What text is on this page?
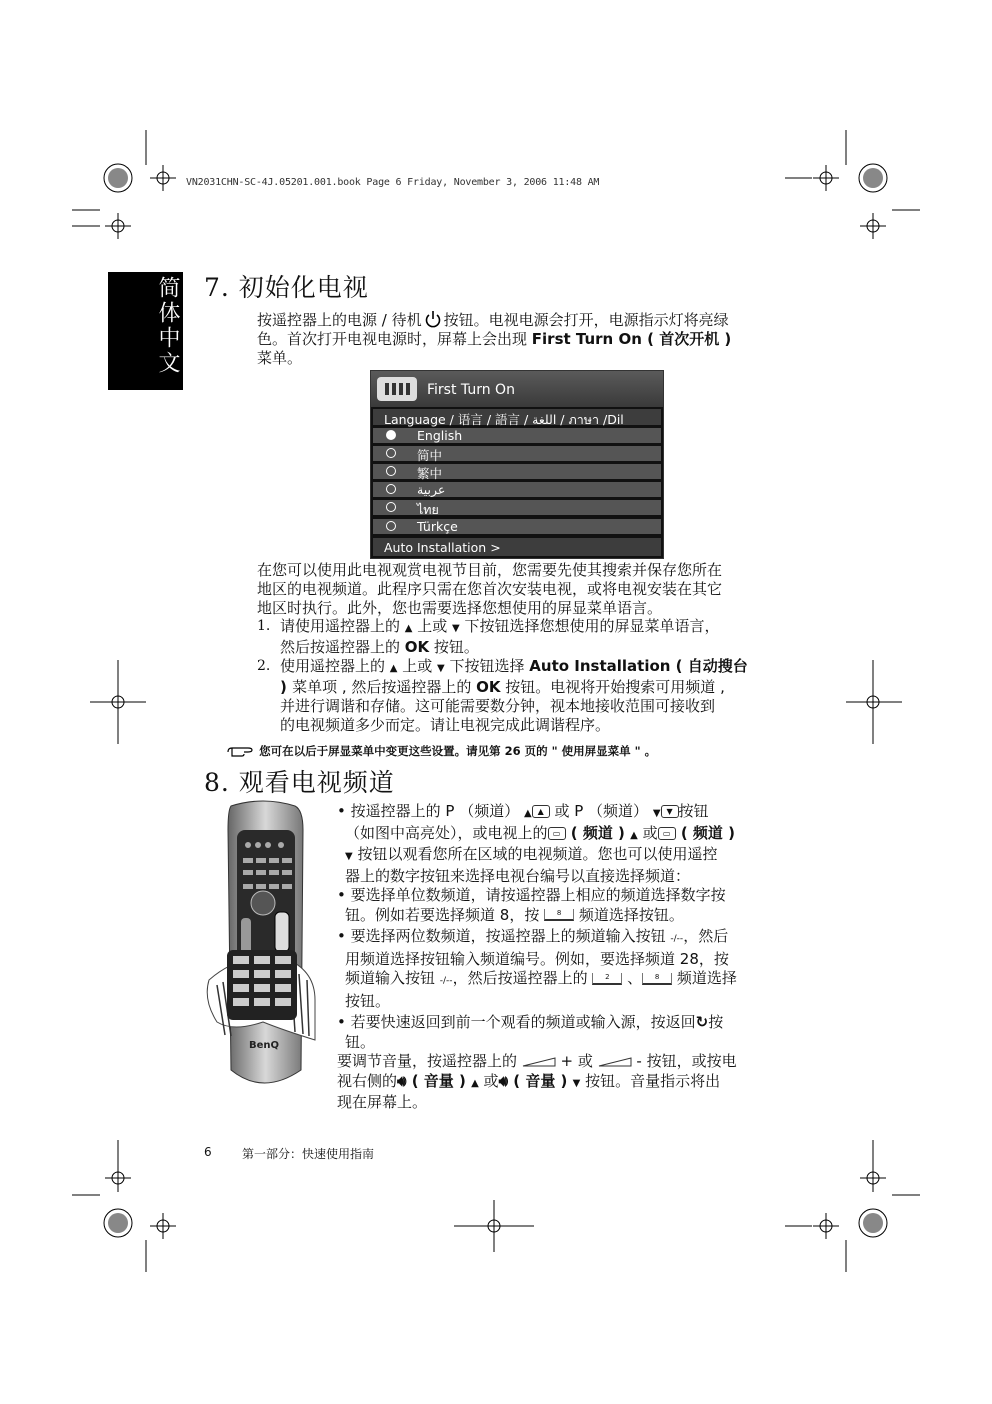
VN2031CHN-SC-4J.05201.001.book Page 6 Friday, November 3, 2006 11:48 AM
简体中文 7. 初始化电视
按遥控器上的电源 / 待机 按钮。电视电源会打开，电源指示灯将亮绿
色。首次打开电视电源时，屏幕上会出现 First Turn On ( 首次开机 )
菜单。
First Turn On
Language / 语言 / 語言 / اللغة / ภาษา /Dil
English
简中
繁中
عربية
ไทย
Türkçe
Auto Installation >
在您可以使用此电视观赏电视节目前，您需要先使其搜索并保存您所在
地区的电视频道。此程序只需在您首次安装电视，或将电视安装在其它
地区时执行。此外，您也需要选择您想使用的屏显菜单语言。
1. 请使用遥控器上的 ▲ 上或 ▼ 下按钮选择您想使用的屏显菜单语言，
然后按遥控器上的 OK 按钮。
2. 使用遥控器上的 ▲ 上或 ▼ 下按钮选择 Auto Installation ( 自动搜台
) 菜单项 , 然后按遥控器上的 OK 按钮。电视将开始搜索可用频道 ,
并进行调谐和存储。这可能需要数分钟，视本地接收范围可接收到
的电视频道多少而定。请让电视完成此调谐程序。
您可在以后于屏显菜单中变更这些设置。请见第 26 页的 " 使用屏显菜单 " 。
8. 观看电视频道
BenQ
• 按遥控器上的 P （频道） ▲ ▲ 或 P （频道） ▼ ▼ 按钮
（如图中高亮处），或电视上的 ▭ ( 频道 ) ▲ 或 ▭ ( 频道 )
▼ 按钮以观看您所在区域的电视频道。您也可以使用遥控
器上的数字按钮来选择电视台编号以直接选择频道：
• 要选择单位数频道，请按遥控器上相应的频道选择数字按
钮。例如若要选择频道 8，按 8 频道选择按钮。
• 要选择两位数频道，按遥控器上的频道输入按钮 -/--，然后
用频道选择按钮输入频道编号。例如，要选择频道 28，按
频道输入按钮 -/--，然后按遥控器上的 2 、 8 频道选择
按钮。
• 若要快速返回到前一个观看的频道或输入源，按返回↻按
钮。
要调节音量，按遥控器上的  + 或  - 按钮，或按电
视右侧的🔊︎ ( 音量 ) ▲ 或🔊︎ ( 音量 ) ▼ 按钮。音量指示将出
现在屏幕上。
6	第一部分：快速使用指南
